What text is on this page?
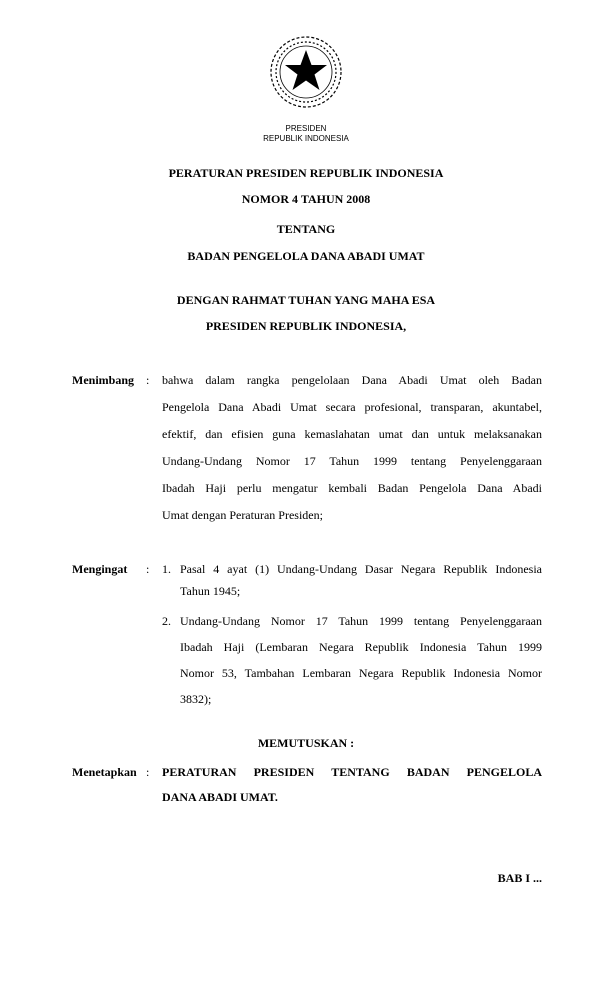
PRESIDEN
REPUBLIK INDONESIA
PERATURAN PRESIDEN REPUBLIK INDONESIA
NOMOR 4 TAHUN 2008
TENTANG
BADAN PENGELOLA DANA ABADI UMAT
DENGAN RAHMAT TUHAN YANG MAHA ESA
PRESIDEN REPUBLIK INDONESIA,
Menimbang : bahwa dalam rangka pengelolaan Dana Abadi Umat oleh Badan
Pengelola Dana Abadi Umat secara profesional, transparan, akuntabel,
efektif, dan efisien guna kemaslahatan umat dan untuk melaksanakan
Undang-Undang Nomor 17 Tahun 1999 tentang Penyelenggaraan
Ibadah Haji perlu mengatur kembali Badan Pengelola Dana Abadi
Umat dengan Peraturan Presiden;
Mengingat : 1. Pasal 4 ayat (1) Undang-Undang Dasar Negara Republik Indonesia
Tahun 1945;
2. Undang-Undang Nomor 17 Tahun 1999 tentang Penyelenggaraan
Ibadah Haji (Lembaran Negara Republik Indonesia Tahun 1999
Nomor 53, Tambahan Lembaran Negara Republik Indonesia Nomor
3832);
MEMUTUSKAN :
Menetapkan : PERATURAN PRESIDEN TENTANG BADAN PENGELOLA
DANA ABADI UMAT.
BAB I ...
